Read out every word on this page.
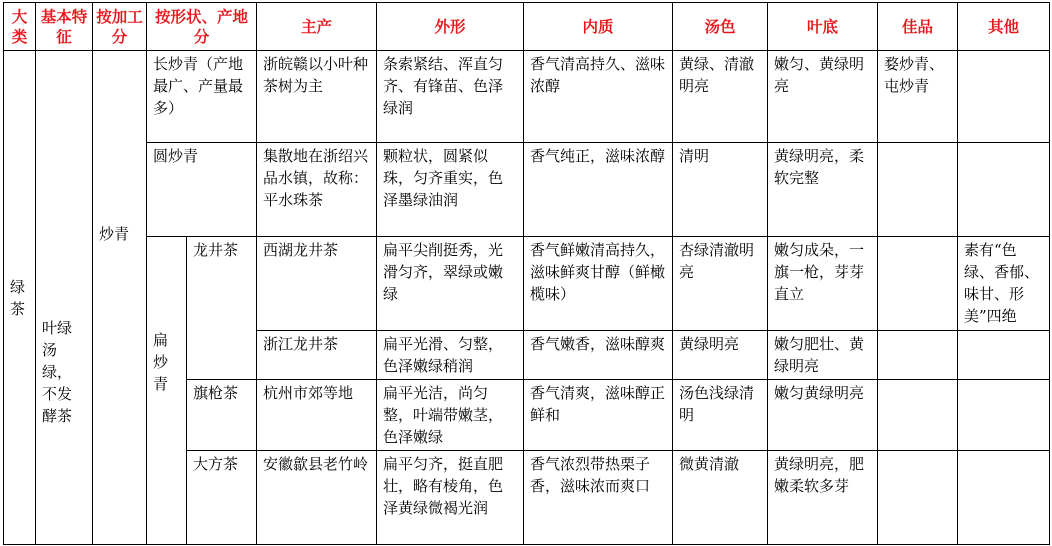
大类	基本特征	按加工分	按形状、产地分		主产	外形	内质	汤色	叶底	佳品	其他
绿茶	叶绿汤绿，不发酵茶	炒青	长炒青（产地最广、产量最多）		浙皖赣以小叶种茶树为主	条索紧结、浑直匀齐、有锋苗、色泽绿润	香气清高持久、滋味浓醇	黄绿、清澈明亮	嫩匀、黄绿明亮	婺炒青、屯炒青	
			圆炒青		集散地在浙绍兴品水镇，故称：平水珠茶	颗粒状，圆紧似珠，匀齐重实，色泽墨绿油润	香气纯正，滋味浓醇	清明	黄绿明亮，柔软完整		
			扁炒青	龙井茶	西湖龙井茶	扁平尖削挺秀，光滑匀齐，翠绿或嫩绿	香气鲜嫩清高持久，滋味鲜爽甘醇（鲜橄榄味）	杏绿清澈明亮	嫩匀成朵，一旗一枪，芽芽直立		素有“色绿、香郁、味甘、形美”四绝
					浙江龙井茶	扁平光滑、匀整，色泽嫩绿稍润	香气嫩香，滋味醇爽	黄绿明亮	嫩匀肥壮、黄绿明亮		
				旗枪茶	杭州市郊等地	扁平光洁，尚匀整，叶端带嫩茎，色泽嫩绿	香气清爽，滋味醇正鲜和	汤色浅绿清明	嫩匀黄绿明亮		
				大方茶	安徽歙县老竹岭	扁平匀齐，挺直肥壮，略有棱角，色泽黄绿微褐光润	香气浓烈带热栗子香，滋味浓而爽口	微黄清澈	黄绿明亮，肥嫩柔软多芽		
